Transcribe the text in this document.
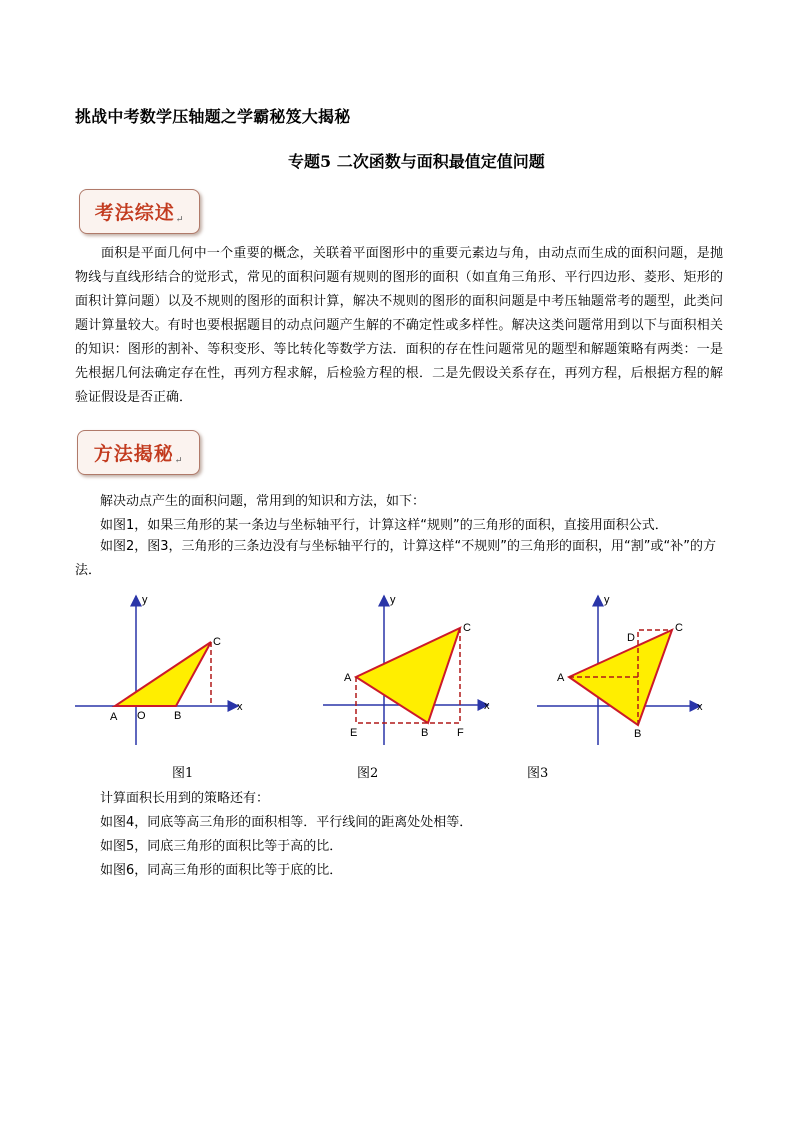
挑战中考数学压轴题之学霸秘笈大揭秘
专题5 二次函数与面积最值定值问题
考法综述 ↵

面积是平面几何中一个重要的概念，关联着平面图形中的重要元素边与角，由动点而生成的面积问题，是抛物线与直线形结合的觉形式，常见的面积问题有规则的图形的面积（如直角三角形、平行四边形、菱形、矩形的面积计算问题）以及不规则的图形的面积计算，解决不规则的图形的面积问题是中考压轴题常考的题型，此类问题计算量较大。有时也要根据题目的动点问题产生解的不确定性或多样性。解决这类问题常用到以下与面积相关的知识：图形的割补、等积变形、等比转化等数学方法．面积的存在性问题常见的题型和解题策略有两类：一是先根据几何法确定存在性，再列方程求解，后检验方程的根．二是先假设关系存在，再列方程，后根据方程的解验证假设是否正确．

方法揭秘 ↵
解决动点产生的面积问题，常用到的知识和方法，如下：
如图1，如果三角形的某一条边与坐标轴平行，计算这样“规则”的三角形的面积，直接用面积公式．
如图2，图3，三角形的三条边没有与坐标轴平行的，计算这样“不规则”的三角形的面积，用“割”或“补”的方法．
x
y
A O	B
C
x
y
A
B
C
E	F
x
y
A
B
C
D
图1	图2	图3
计算面积长用到的策略还有：
如图4，同底等高三角形的面积相等．平行线间的距离处处相等．
如图5，同底三角形的面积比等于高的比．
如图6，同高三角形的面积比等于底的比．
